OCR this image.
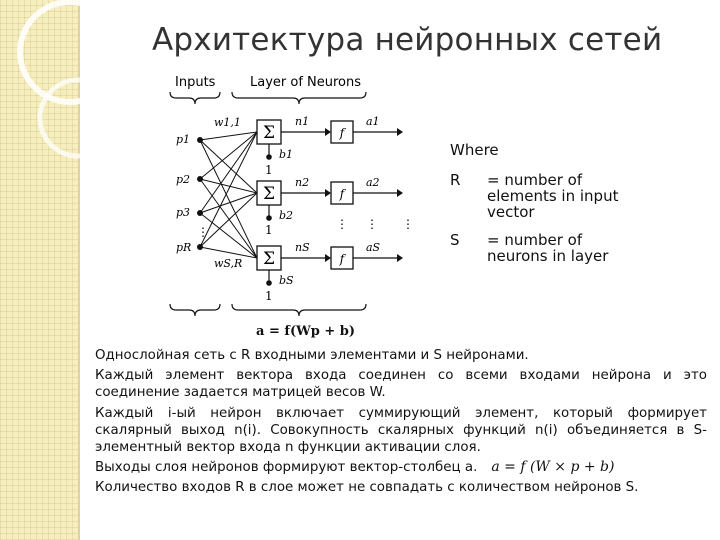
Архитектура нейронных сетей
Inputs	Layer of Neurons
p1
p2
p3
pR
⋮
w1,1
wS,R
Σ
n1
f
a1
b1
1
Σ
n2
f
a2
b2
1	⋮ ⋮ ⋮
Σ
nS
f
aS
bS
1
a = f(Wp + b)
Where
R	= number of elements in input vector
S	= number of neurons in layer

Однослойная сеть с R входными элементами и S нейронами.

Каждый элемент вектора входа соединен со всеми входами нейрона и это соединение задается матрицей весов W.

Каждый i-ый нейрон включает суммирующий элемент, который формирует скалярный выход n(i). Совокупность скалярных функций n(i) объединяется в S-элементный вектор входа n функции активации слоя.

Выходы слоя нейронов формируют вектор-столбец а. a = f (W × p + b)

Количество входов R в слое может не совпадать с количеством нейронов S.
